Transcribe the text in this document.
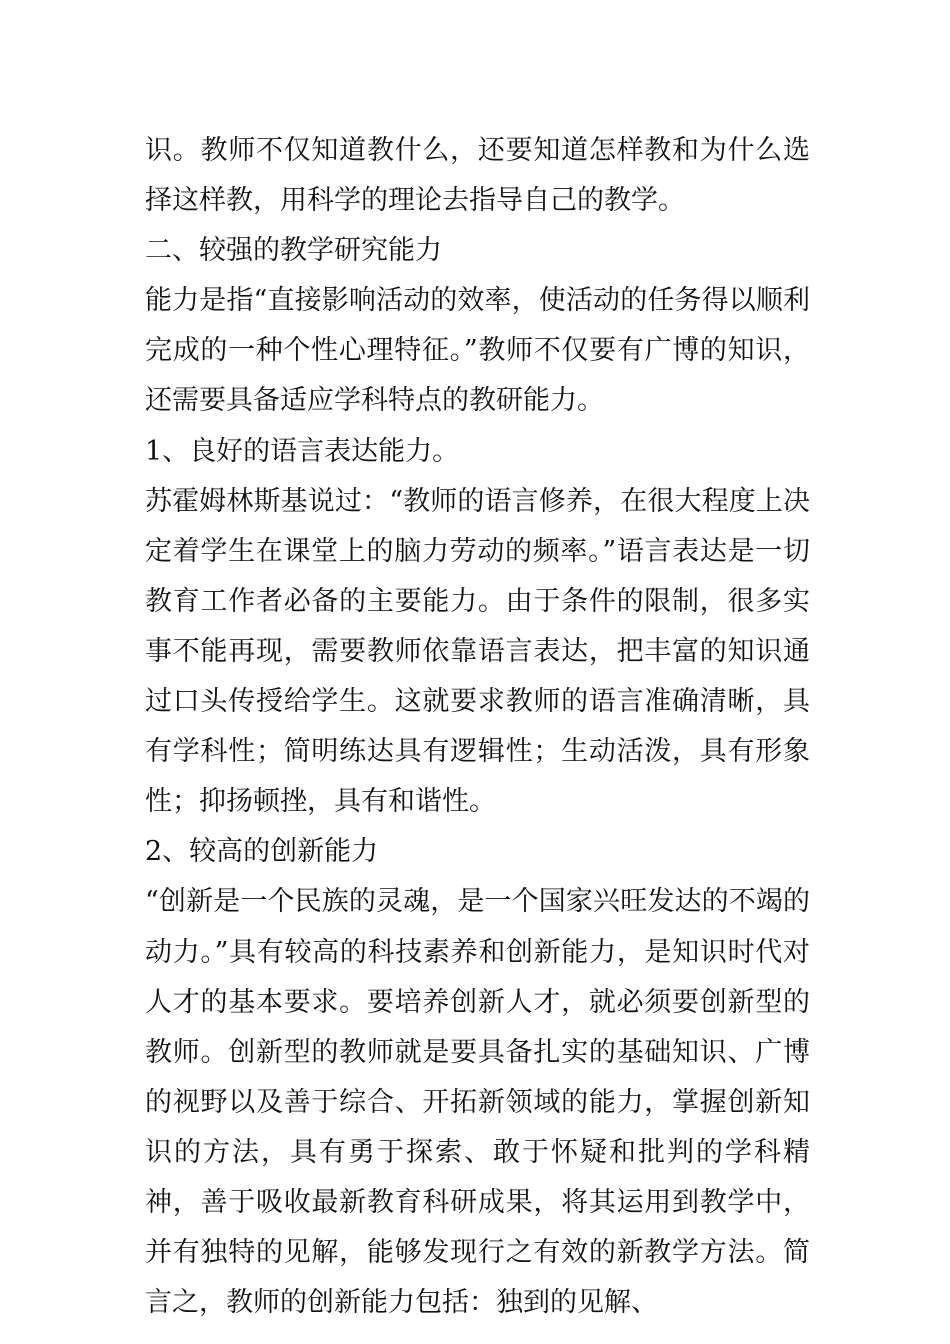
识。教师不仅知道教什么，还要知道怎样教和为什么选择这样教，用科学的理论去指导自己的教学。

二、较强的教学研究能力

能力是指“直接影响活动的效率，使活动的任务得以顺利完成的一种个性心理特征。”教师不仅要有广博的知识，还需要具备适应学科特点的教研能力。

1、良好的语言表达能力。

苏霍姆林斯基说过：“教师的语言修养，在很大程度上决定着学生在课堂上的脑力劳动的频率。”语言表达是一切教育工作者必备的主要能力。由于条件的限制，很多实事不能再现，需要教师依靠语言表达，把丰富的知识通过口头传授给学生。这就要求教师的语言准确清晰，具有学科性；简明练达具有逻辑性；生动活泼，具有形象性；抑扬顿挫，具有和谐性。

2、较高的创新能力

“创新是一个民族的灵魂，是一个国家兴旺发达的不竭的动力。”具有较高的科技素养和创新能力，是知识时代对人才的基本要求。要培养创新人才，就必须要创新型的教师。创新型的教师就是要具备扎实的基础知识、广博的视野以及善于综合、开拓新领域的能力，掌握创新知识的方法，具有勇于探索、敢于怀疑和批判的学科精神，善于吸收最新教育科研成果，将其运用到教学中，并有独特的见解，能够发现行之有效的新教学方法。简言之，教师的创新能力包括：独到的见解、
